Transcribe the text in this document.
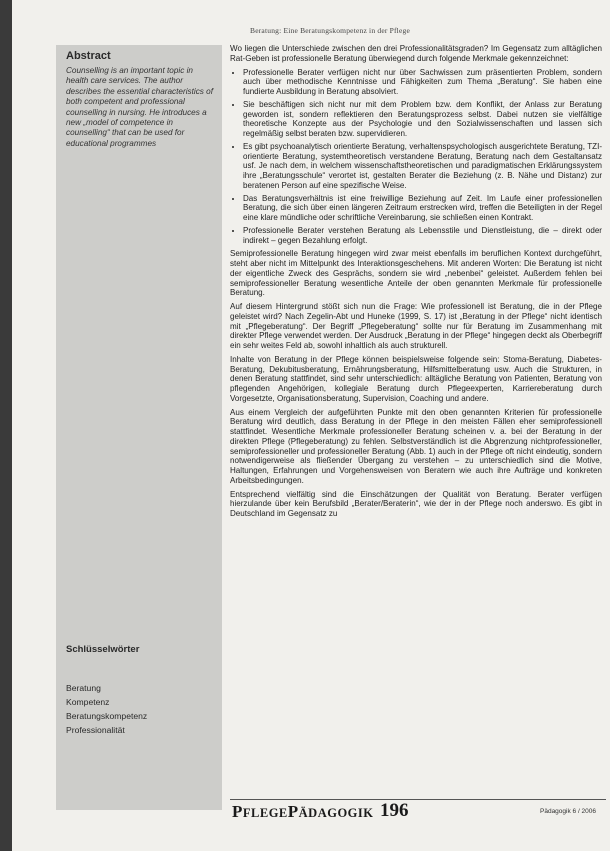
Beratung: Eine Beratungskompetenz in der Pflege
Abstract
Counselling is an important topic in health care services. The author describes the essential characteristics of both competent and professional counselling in nursing. He introduces a new „model of competence in counselling“ that can be used for educational programmes
Schlüsselwörter
Beratung
Kompetenz
Beratungskompetenz
Professionalität

Wo liegen die Unterschiede zwischen den drei Professionalitätsgraden? Im Gegensatz zum alltäglichen Rat-Geben ist professionelle Beratung überwiegend durch folgende Merkmale gekennzeichnet:

• Professionelle Berater verfügen nicht nur über Sachwissen zum präsentierten Problem, sondern auch über methodische Kenntnisse und Fähigkeiten zum Thema „Beratung“. Sie haben eine fundierte Ausbildung in Beratung absolviert.
• Sie beschäftigen sich nicht nur mit dem Problem bzw. dem Konflikt, der Anlass zur Beratung geworden ist, sondern reflektieren den Beratungsprozess selbst. Dabei nutzen sie vielfältige theoretische Konzepte aus der Psychologie und den Sozialwissenschaften und lassen sich regelmäßig selbst beraten bzw. supervidieren.
• Es gibt psychoanalytisch orientierte Beratung, verhaltenspsychologisch ausgerichtete Beratung, TZI-orientierte Beratung, systemtheoretisch verstandene Beratung, Beratung nach dem Gestaltansatz usf. Je nach dem, in welchem wissenschaftstheoretischen und paradigmatischen Erklärungssystem ihre „Beratungsschule“ verortet ist, gestalten Berater die Beziehung (z. B. Nähe und Distanz) zur beratenen Person auf eine spezifische Weise.
• Das Beratungsverhältnis ist eine freiwillige Beziehung auf Zeit. Im Laufe einer professionellen Beratung, die sich über einen längeren Zeitraum erstrecken wird, treffen die Beteiligten in der Regel eine klare mündliche oder schriftliche Vereinbarung, sie schließen einen Kontrakt.
• Professionelle Berater verstehen Beratung als Lebensstile und Dienstleistung, die – direkt oder indirekt – gegen Bezahlung erfolgt.

Semiprofessionelle Beratung hingegen wird zwar meist ebenfalls im beruflichen Kontext durchgeführt, steht aber nicht im Mittelpunkt des Interaktionsgeschehens. Mit anderen Worten: Die Beratung ist nicht der eigentliche Zweck des Gesprächs, sondern sie wird „nebenbei“ geleistet. Außerdem fehlen bei semiprofessioneller Beratung wesentliche Anteile der oben genannten Merkmale für professionelle Beratung.

Auf diesem Hintergrund stößt sich nun die Frage: Wie professionell ist Beratung, die in der Pflege geleistet wird? Nach Zegelin-Abt und Huneke (1999, S. 17) ist „Beratung in der Pflege“ nicht identisch mit „Pflegeberatung“. Der Begriff „Pflegeberatung“ sollte nur für Beratung im Zusammenhang mit direkter Pflege verwendet werden. Der Ausdruck „Beratung in der Pflege“ hingegen deckt als Oberbegriff ein sehr weites Feld ab, sowohl inhaltlich als auch strukturell.

Inhalte von Beratung in der Pflege können beispielsweise folgende sein: Stoma-Beratung, Diabetes-Beratung, Dekubitusberatung, Ernährungsberatung, Hilfsmittelberatung usw. Auch die Strukturen, in denen Beratung stattfindet, sind sehr unterschiedlich: alltägliche Beratung von Patienten, Beratung von pflegenden Angehörigen, kollegiale Beratung durch Pflegeexperten, Karriereberatung durch Vorgesetzte, Organisationsberatung, Supervision, Coaching und andere.

Aus einem Vergleich der aufgeführten Punkte mit den oben genannten Kriterien für professionelle Beratung wird deutlich, dass Beratung in der Pflege in den meisten Fällen eher semiprofessionell stattfindet. Wesentliche Merkmale professioneller Beratung scheinen v. a. bei der Beratung in der direkten Pflege (Pflegeberatung) zu fehlen. Selbstverständlich ist die Abgrenzung nichtprofessioneller, semiprofessioneller und professioneller Beratung (Abb. 1) auch in der Pflege oft nicht eindeutig, sondern notwendigerweise als fließender Übergang zu verstehen – zu unterschiedlich sind die Motive, Haltungen, Erfahrungen und Vorgehensweisen von Beratern wie auch ihre Aufträge und konkreten Arbeitsbedingungen.

Entsprechend vielfältig sind die Einschätzungen der Qualität von Beratung. Berater verfügen hierzulande über kein Berufsbild „Berater/Beraterin“, wie der in der Pflege noch anderswo. Es gibt in Deutschland im Gegensatz zu

PFLEGEPÄDAGOGIK 196	Pädagogik 6 / 2006
